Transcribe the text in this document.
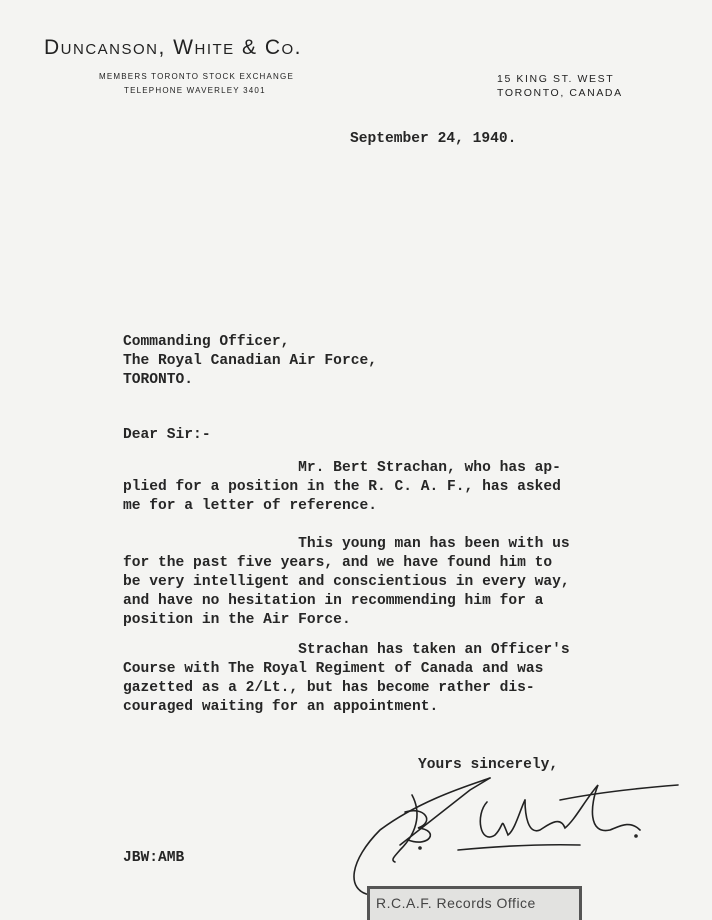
Duncanson, White & Co.
MEMBERS TORONTO STOCK EXCHANGE
TELEPHONE WAVERLEY 3401
15 KING ST. WEST
TORONTO, CANADA
September 24, 1940.
Commanding Officer,
The Royal Canadian Air Force,
TORONTO.
Dear Sir:-
Mr. Bert Strachan, who has ap-
plied for a position in the R. C. A. F., has asked
me for a letter of reference.
This young man has been with us
for the past five years, and we have found him to
be very intelligent and conscientious in every way,
and have no hesitation in recommending him for a
position in the Air Force.
Strachan has taken an Officer's
Course with The Royal Regiment of Canada and was
gazetted as a 2/Lt., but has become rather dis-
couraged waiting for an appointment.
Yours sincerely,
JBW:AMB
R.C.A.F. Records Office
